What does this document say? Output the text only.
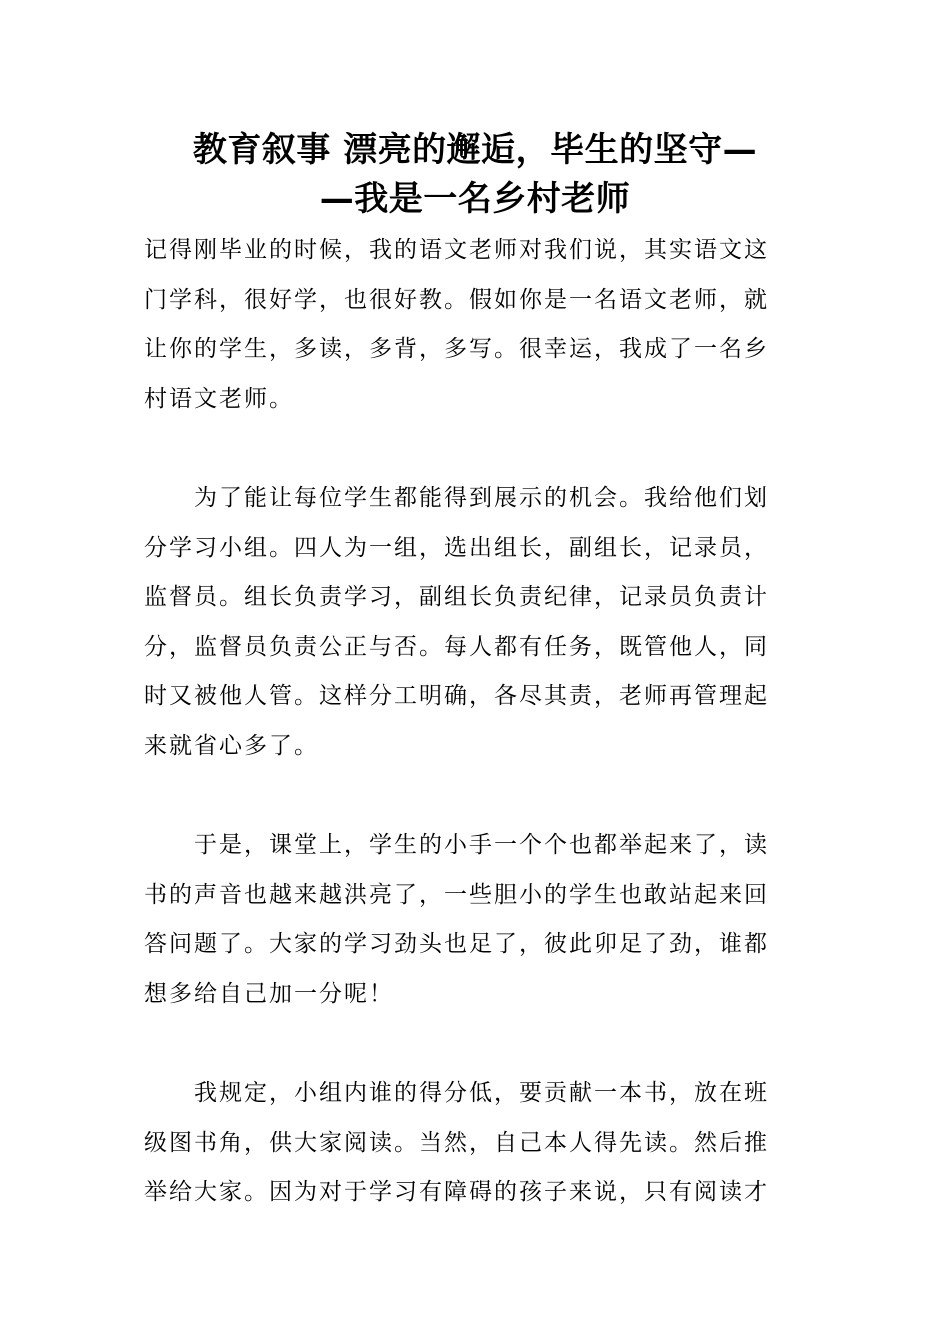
教育叙事 漂亮的邂逅，毕生的坚守—
—我是一名乡村老师

记得刚毕业的时候，我的语文老师对我们说，其实语文这
门学科，很好学，也很好教。假如你是一名语文老师，就
让你的学生，多读，多背，多写。很幸运，我成了一名乡
村语文老师。

　　为了能让每位学生都能得到展示的机会。我给他们划
分学习小组。四人为一组，选出组长，副组长，记录员，
监督员。组长负责学习，副组长负责纪律，记录员负责计
分，监督员负责公正与否。每人都有任务，既管他人，同
时又被他人管。这样分工明确，各尽其责，老师再管理起
来就省心多了。

　　于是，课堂上，学生的小手一个个也都举起来了，读
书的声音也越来越洪亮了，一些胆小的学生也敢站起来回
答问题了。大家的学习劲头也足了，彼此卯足了劲，谁都
想多给自己加一分呢！

　　我规定，小组内谁的得分低，要贡献一本书，放在班
级图书角，供大家阅读。当然，自己本人得先读。然后推
举给大家。因为对于学习有障碍的孩子来说，只有阅读才
